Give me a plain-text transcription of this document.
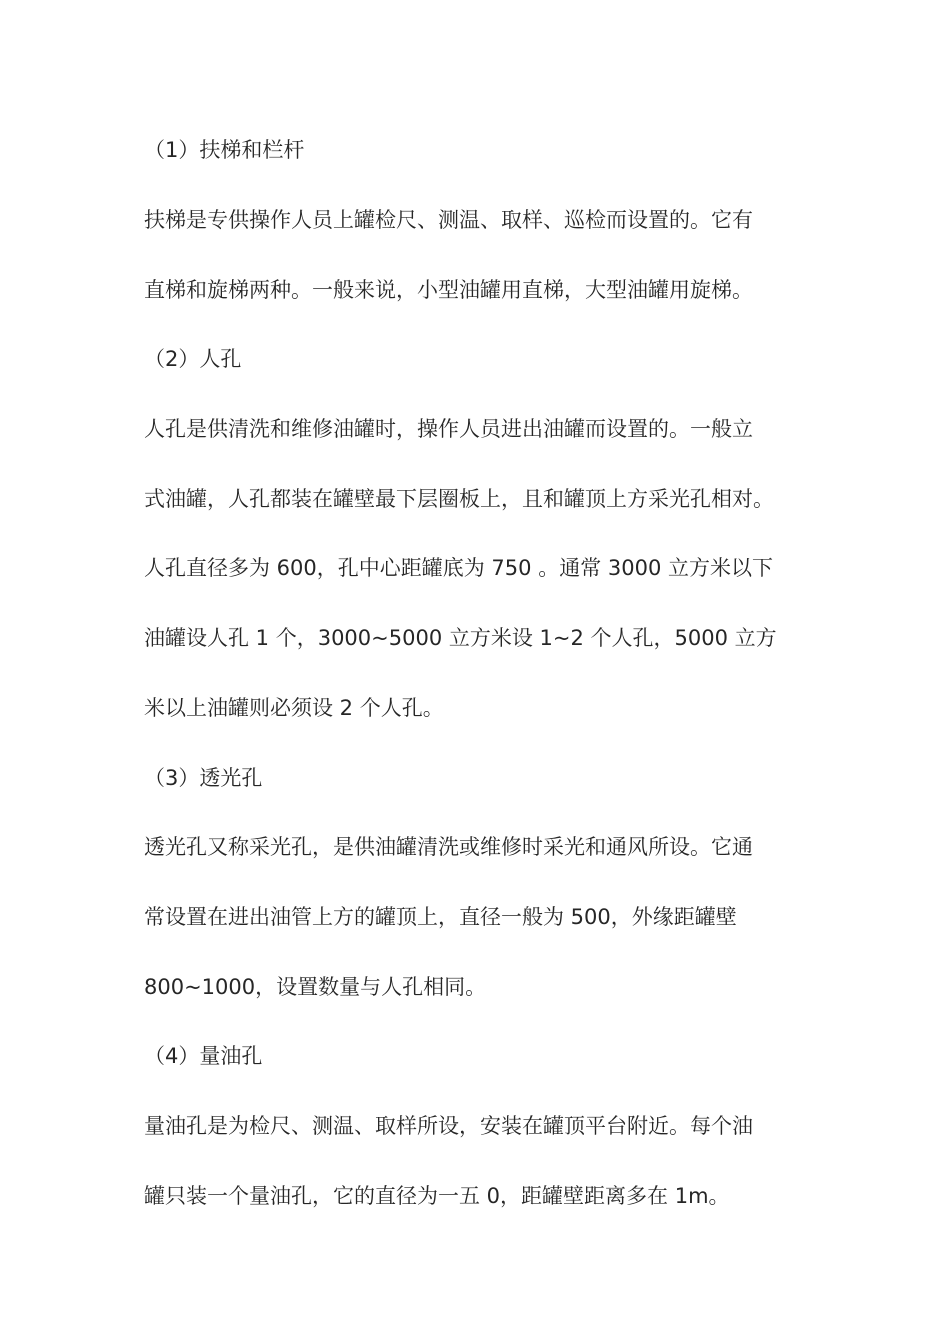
（1）扶梯和栏杆

扶梯是专供操作人员上罐检尺、测温、取样、巡检而设置的。它有

直梯和旋梯两种。一般来说，小型油罐用直梯，大型油罐用旋梯。

（2）人孔

人孔是供清洗和维修油罐时，操作人员进出油罐而设置的。一般立

式油罐，人孔都装在罐壁最下层圈板上，且和罐顶上方采光孔相对。

人孔直径多为 600，孔中心距罐底为 750 。通常 3000 立方米以下

油罐设人孔 1 个，3000~5000 立方米设 1~2 个人孔，5000 立方

米以上油罐则必须设 2 个人孔。

（3）透光孔

透光孔又称采光孔，是供油罐清洗或维修时采光和通风所设。它通

常设置在进出油管上方的罐顶上，直径一般为 500，外缘距罐壁

800~1000，设置数量与人孔相同。

（4）量油孔

量油孔是为检尺、测温、取样所设，安装在罐顶平台附近。每个油

罐只装一个量油孔，它的直径为一五 0，距罐壁距离多在 1m。
